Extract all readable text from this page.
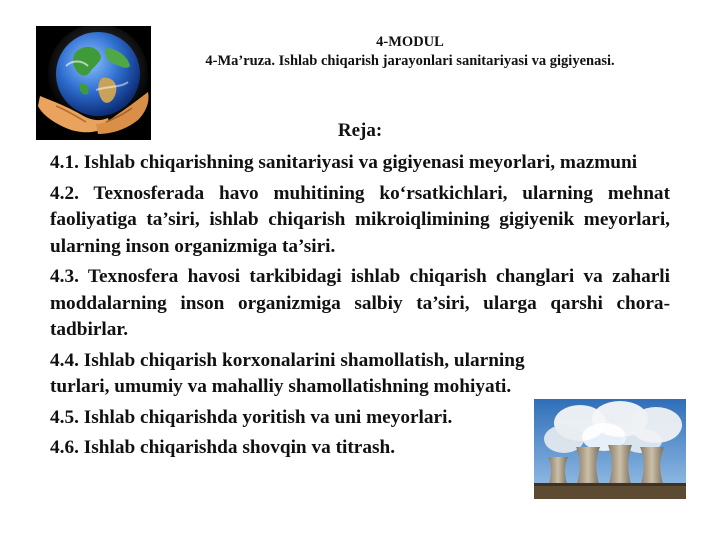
4-MODUL
4-Ma’ruza. Ishlab chiqarish jarayonlari sanitariyasi va gigiyenasi.
Reja:

4.1. Ishlab chiqarishning sanitariyasi va gigiyenasi meyorlari, mazmuni

4.2. Texnosferada havo muhitining ko‘rsatkichlari, ularning mehnat faoliyatiga ta’siri, ishlab chiqarish mikroiqlimining gigiyenik meyorlari, ularning inson organizmiga ta’siri.

4.3. Texnosfera havosi tarkibidagi ishlab chiqarish changlari va zaharli moddalarning inson organizmiga salbiy ta’siri, ularga qarshi chora-tadbirlar.

4.4. Ishlab chiqarish korxonalarini shamollatish, ularning turlari, umumiy va mahalliy shamollatishning mohiyati.

4.5. Ishlab chiqarishda yoritish va uni meyorlari.

4.6. Ishlab chiqarishda shovqin va titrash.
